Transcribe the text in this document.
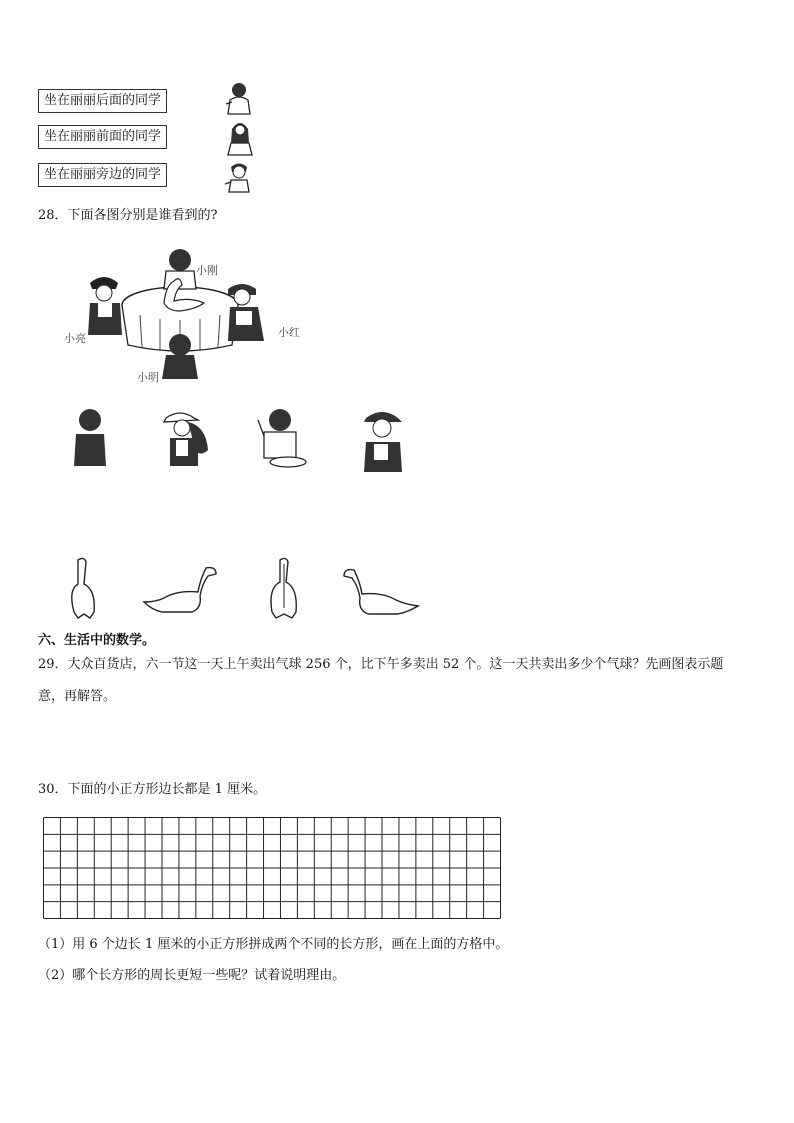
坐在丽丽后面的同学
坐在丽丽前面的同学
坐在丽丽旁边的同学
28．下面各图分别是谁看到的?
小刚
小亮	小红
小明
六、生活中的数学。
29．大众百货店，六一节这一天上午卖出气球 256 个，比下午多卖出 52 个。这一天共卖出多少个气球？先画图表示题
意，再解答。
30．下面的小正方形边长都是 1 厘米。
（1）用 6 个边长 1 厘米的小正方形拼成两个不同的长方形，画在上面的方格中。
（2）哪个长方形的周长更短一些呢？试着说明理由。
